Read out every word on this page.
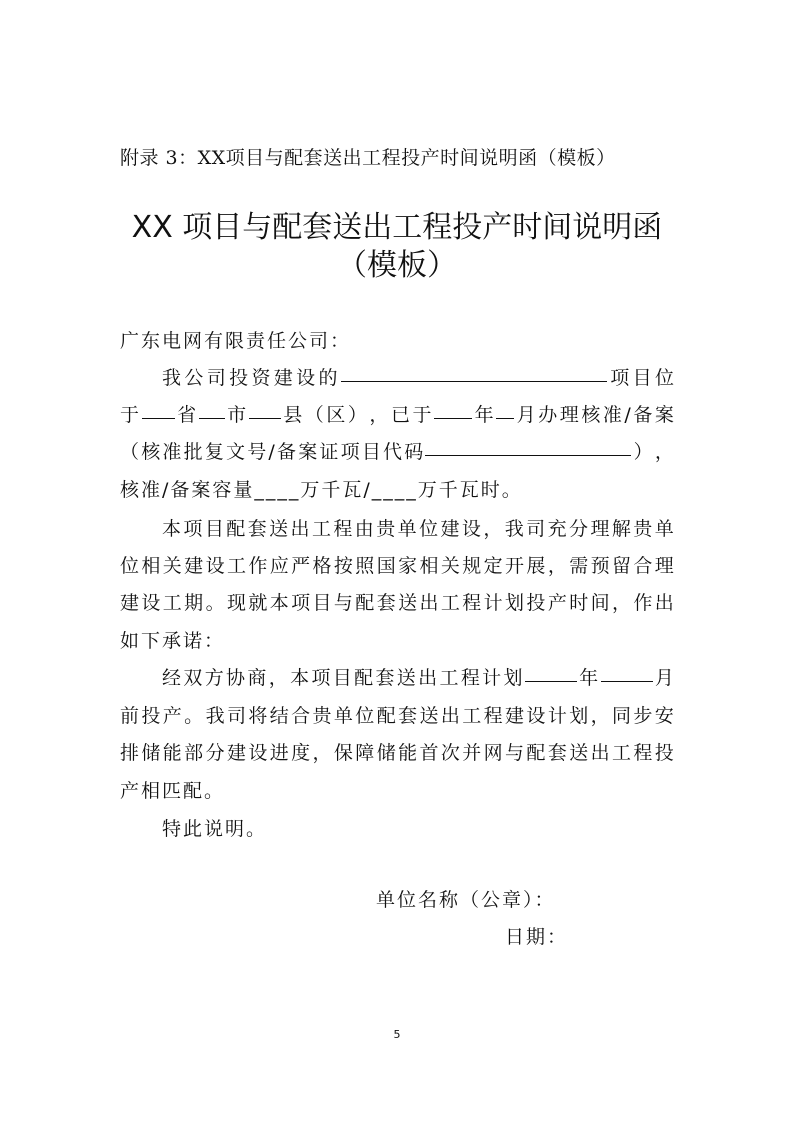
附录 3：XX项目与配套送出工程投产时间说明函（模板）
XX 项目与配套送出工程投产时间说明函
（模板）
广东电网有限责任公司：
我 公 司 投 资 建 设 的	项 目 位
于 省 市 县 （ 区 ） ， 已 于 年 月 办 理 核 准 / 备 案
（ 核 准 批 复 文 号 / 备 案 证 项 目 代 码	） ，
核准/备案容量____万千瓦/____万千瓦时。
本 项 目 配 套 送 出 工 程 由 贵 单 位 建 设 ， 我 司 充 分 理 解 贵 单
位 相 关 建 设 工 作 应 严 格 按 照 国 家 相 关 规 定 开 展 ， 需 预 留 合 理
建 设 工 期 。 现 就 本 项 目 与 配 套 送 出 工 程 计 划 投 产 时 间 ， 作 出
如下承诺：
经 双 方 协 商 ， 本 项 目 配 套 送 出 工 程 计 划	年	月
前 投 产 。 我 司 将 结 合 贵 单 位 配 套 送 出 工 程 建 设 计 划 ， 同 步 安
排 储 能 部 分 建 设 进 度 ， 保 障 储 能 首 次 并 网 与 配 套 送 出 工 程 投
产相匹配。
特此说明。
单位名称（公章）：
日期：
5
